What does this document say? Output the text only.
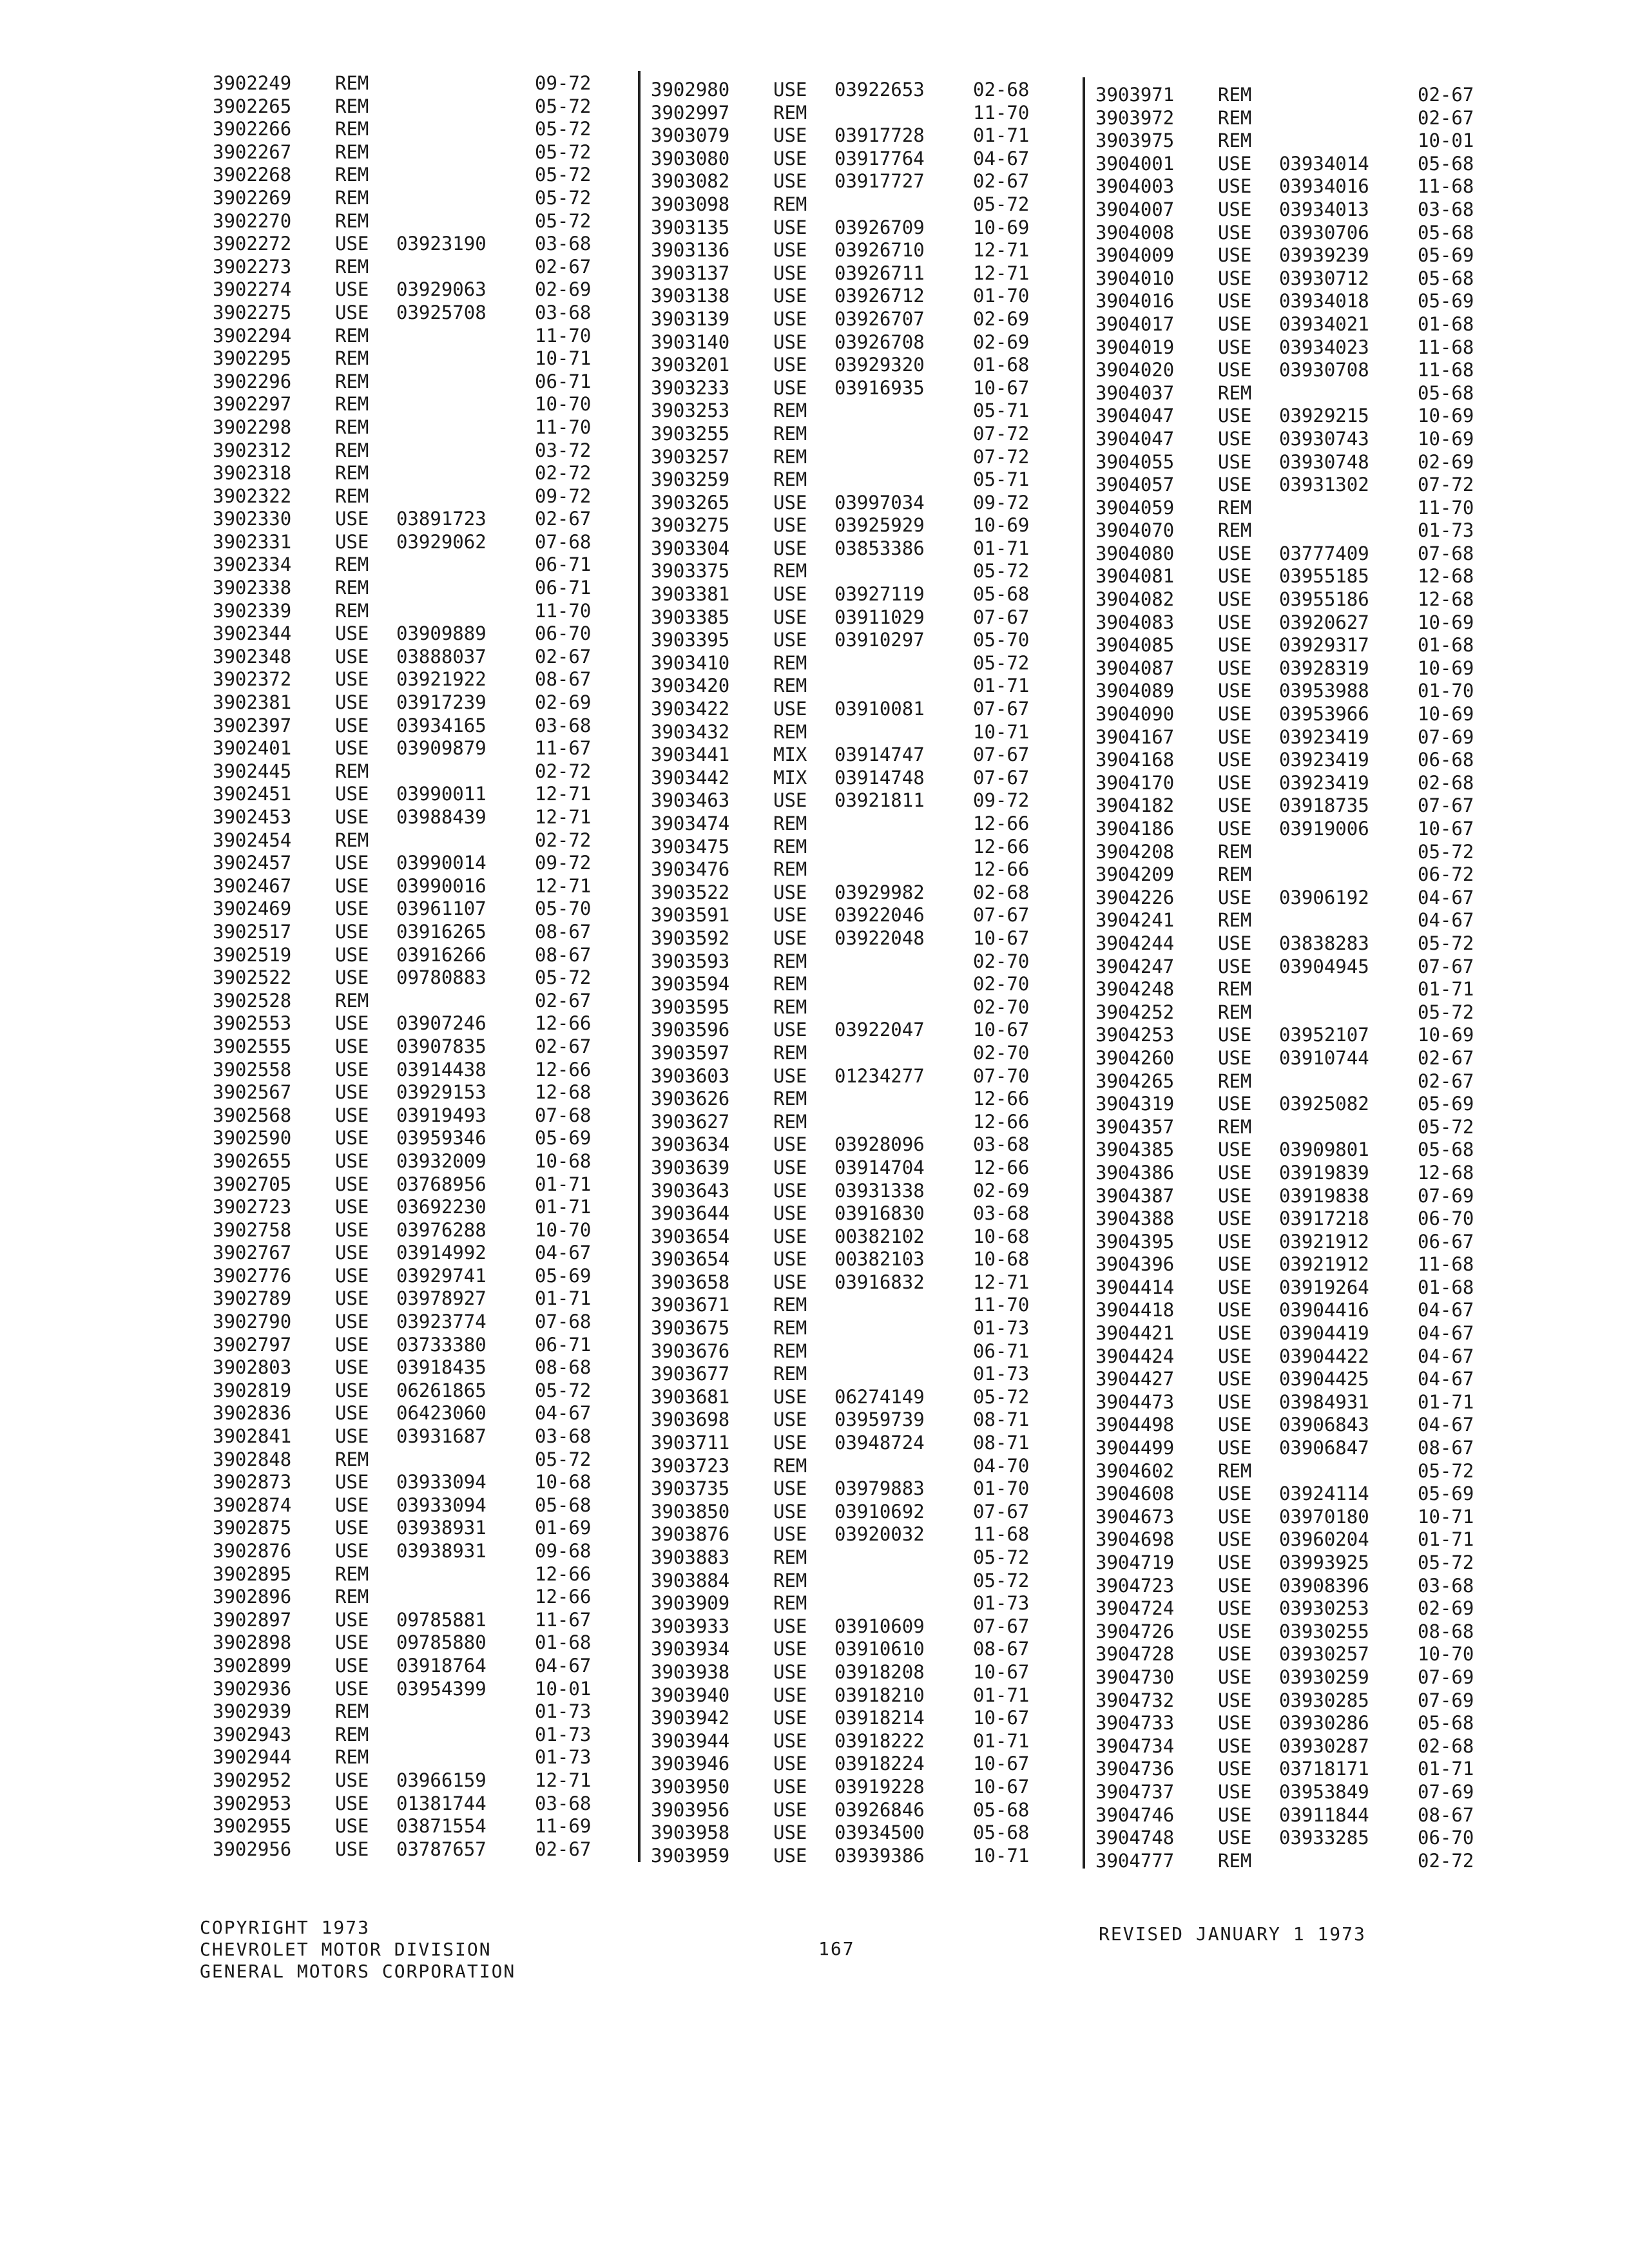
3902249 REM	09-72
3902265 REM	05-72
3902266 REM	05-72
3902267 REM	05-72
3902268 REM	05-72
3902269 REM	05-72
3902270 REM	05-72
3902272 USE 03923190	03-68
3902273 REM	02-67
3902274 USE 03929063	02-69
3902275 USE 03925708	03-68
3902294 REM	11-70
3902295 REM	10-71
3902296 REM	06-71
3902297 REM	10-70
3902298 REM	11-70
3902312 REM	03-72
3902318 REM	02-72
3902322 REM	09-72
3902330 USE 03891723	02-67
3902331 USE 03929062	07-68
3902334 REM	06-71
3902338 REM	06-71
3902339 REM	11-70
3902344 USE 03909889	06-70
3902348 USE 03888037	02-67
3902372 USE 03921922	08-67
3902381 USE 03917239	02-69
3902397 USE 03934165	03-68
3902401 USE 03909879	11-67
3902445 REM	02-72
3902451 USE 03990011	12-71
3902453 USE 03988439	12-71
3902454 REM	02-72
3902457 USE 03990014	09-72
3902467 USE 03990016	12-71
3902469 USE 03961107	05-70
3902517 USE 03916265	08-67
3902519 USE 03916266	08-67
3902522 USE 09780883	05-72
3902528 REM	02-67
3902553 USE 03907246	12-66
3902555 USE 03907835	02-67
3902558 USE 03914438	12-66
3902567 USE 03929153	12-68
3902568 USE 03919493	07-68
3902590 USE 03959346	05-69
3902655 USE 03932009	10-68
3902705 USE 03768956	01-71
3902723 USE 03692230	01-71
3902758 USE 03976288	10-70
3902767 USE 03914992	04-67
3902776 USE 03929741	05-69
3902789 USE 03978927	01-71
3902790 USE 03923774	07-68
3902797 USE 03733380	06-71
3902803 USE 03918435	08-68
3902819 USE 06261865	05-72
3902836 USE 06423060	04-67
3902841 USE 03931687	03-68
3902848 REM	05-72
3902873 USE 03933094	10-68
3902874 USE 03933094	05-68
3902875 USE 03938931	01-69
3902876 USE 03938931	09-68
3902895 REM	12-66
3902896 REM	12-66
3902897 USE 09785881	11-67
3902898 USE 09785880	01-68
3902899 USE 03918764	04-67
3902936 USE 03954399	10-01
3902939 REM	01-73
3902943 REM	01-73
3902944 REM	01-73
3902952 USE 03966159	12-71
3902953 USE 01381744	03-68
3902955 USE 03871554	11-69
3902956 USE 03787657	02-67
3902980 USE 03922653	02-68
3902997 REM	11-70
3903079 USE 03917728	01-71
3903080 USE 03917764	04-67
3903082 USE 03917727	02-67
3903098 REM	05-72
3903135 USE 03926709	10-69
3903136 USE 03926710	12-71
3903137 USE 03926711	12-71
3903138 USE 03926712	01-70
3903139 USE 03926707	02-69
3903140 USE 03926708	02-69
3903201 USE 03929320	01-68
3903233 USE 03916935	10-67
3903253 REM	05-71
3903255 REM	07-72
3903257 REM	07-72
3903259 REM	05-71
3903265 USE 03997034	09-72
3903275 USE 03925929	10-69
3903304 USE 03853386	01-71
3903375 REM	05-72
3903381 USE 03927119	05-68
3903385 USE 03911029	07-67
3903395 USE 03910297	05-70
3903410 REM	05-72
3903420 REM	01-71
3903422 USE 03910081	07-67
3903432 REM	10-71
3903441 MIX 03914747	07-67
3903442 MIX 03914748	07-67
3903463 USE 03921811	09-72
3903474 REM	12-66
3903475 REM	12-66
3903476 REM	12-66
3903522 USE 03929982	02-68
3903591 USE 03922046	07-67
3903592 USE 03922048	10-67
3903593 REM	02-70
3903594 REM	02-70
3903595 REM	02-70
3903596 USE 03922047	10-67
3903597 REM	02-70
3903603 USE 01234277	07-70
3903626 REM	12-66
3903627 REM	12-66
3903634 USE 03928096	03-68
3903639 USE 03914704	12-66
3903643 USE 03931338	02-69
3903644 USE 03916830	03-68
3903654 USE 00382102	10-68
3903654 USE 00382103	10-68
3903658 USE 03916832	12-71
3903671 REM	11-70
3903675 REM	01-73
3903676 REM	06-71
3903677 REM	01-73
3903681 USE 06274149	05-72
3903698 USE 03959739	08-71
3903711 USE 03948724	08-71
3903723 REM	04-70
3903735 USE 03979883	01-70
3903850 USE 03910692	07-67
3903876 USE 03920032	11-68
3903883 REM	05-72
3903884 REM	05-72
3903909 REM	01-73
3903933 USE 03910609	07-67
3903934 USE 03910610	08-67
3903938 USE 03918208	10-67
3903940 USE 03918210	01-71
3903942 USE 03918214	10-67
3903944 USE 03918222	01-71
3903946 USE 03918224	10-67
3903950 USE 03919228	10-67
3903956 USE 03926846	05-68
3903958 USE 03934500	05-68
3903959 USE 03939386	10-71
3903971 REM	02-67
3903972 REM	02-67
3903975 REM	10-01
3904001 USE 03934014	05-68
3904003 USE 03934016	11-68
3904007 USE 03934013	03-68
3904008 USE 03930706	05-68
3904009 USE 03939239	05-69
3904010 USE 03930712	05-68
3904016 USE 03934018	05-69
3904017 USE 03934021	01-68
3904019 USE 03934023	11-68
3904020 USE 03930708	11-68
3904037 REM	05-68
3904047 USE 03929215	10-69
3904047 USE 03930743	10-69
3904055 USE 03930748	02-69
3904057 USE 03931302	07-72
3904059 REM	11-70
3904070 REM	01-73
3904080 USE 03777409	07-68
3904081 USE 03955185	12-68
3904082 USE 03955186	12-68
3904083 USE 03920627	10-69
3904085 USE 03929317	01-68
3904087 USE 03928319	10-69
3904089 USE 03953988	01-70
3904090 USE 03953966	10-69
3904167 USE 03923419	07-69
3904168 USE 03923419	06-68
3904170 USE 03923419	02-68
3904182 USE 03918735	07-67
3904186 USE 03919006	10-67
3904208 REM	05-72
3904209 REM	06-72
3904226 USE 03906192	04-67
3904241 REM	04-67
3904244 USE 03838283	05-72
3904247 USE 03904945	07-67
3904248 REM	01-71
3904252 REM	05-72
3904253 USE 03952107	10-69
3904260 USE 03910744	02-67
3904265 REM	02-67
3904319 USE 03925082	05-69
3904357 REM	05-72
3904385 USE 03909801	05-68
3904386 USE 03919839	12-68
3904387 USE 03919838	07-69
3904388 USE 03917218	06-70
3904395 USE 03921912	06-67
3904396 USE 03921912	11-68
3904414 USE 03919264	01-68
3904418 USE 03904416	04-67
3904421 USE 03904419	04-67
3904424 USE 03904422	04-67
3904427 USE 03904425	04-67
3904473 USE 03984931	01-71
3904498 USE 03906843	04-67
3904499 USE 03906847	08-67
3904602 REM	05-72
3904608 USE 03924114	05-69
3904673 USE 03970180	10-71
3904698 USE 03960204	01-71
3904719 USE 03993925	05-72
3904723 USE 03908396	03-68
3904724 USE 03930253	02-69
3904726 USE 03930255	08-68
3904728 USE 03930257	10-70
3904730 USE 03930259	07-69
3904732 USE 03930285	07-69
3904733 USE 03930286	05-68
3904734 USE 03930287	02-68
3904736 USE 03718171	01-71
3904737 USE 03953849	07-69
3904746 USE 03911844	08-67
3904748 USE 03933285	06-70
3904777 REM	02-72
COPYRIGHT 1973
CHEVROLET MOTOR DIVISION
GENERAL MOTORS CORPORATION
167
REVISED JANUARY 1 1973
